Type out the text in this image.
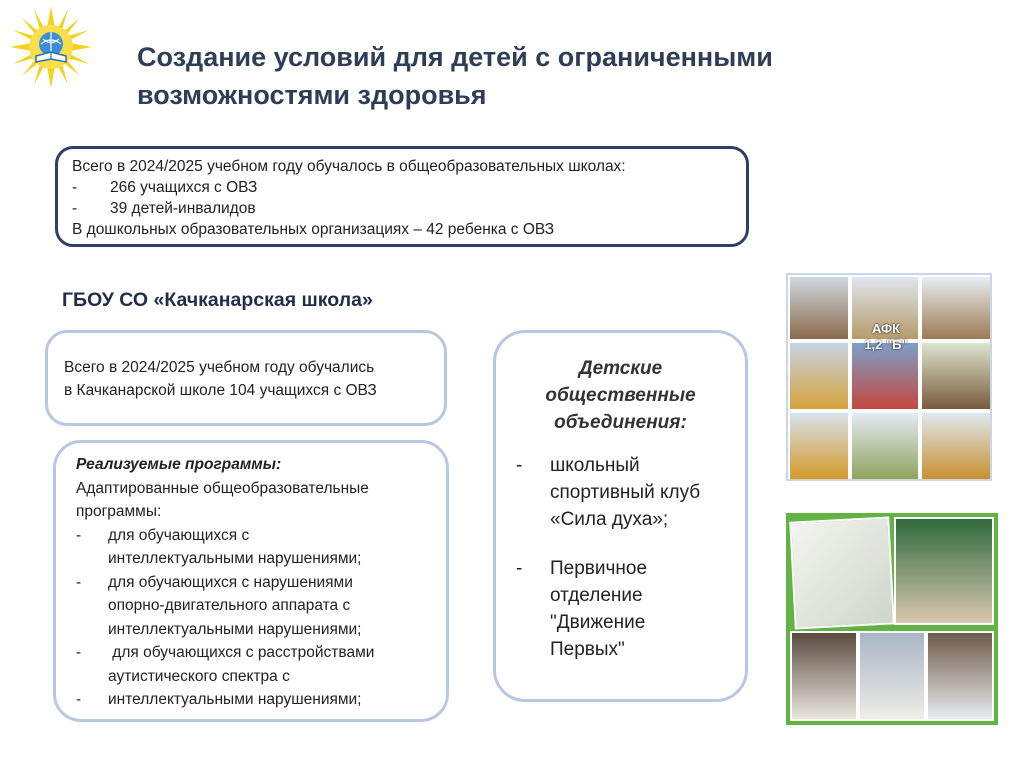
Создание условий для детей с ограниченными
возможностями здоровья
Всего в 2024/2025 учебном году обучалось в общеобразовательных школах:
-	266 учащихся с ОВЗ
-	39 детей-инвалидов
В дошкольных образовательных организациях – 42 ребенка с ОВЗ
ГБОУ СО «Качканарская школа»
Всего в 2024/2025 учебном году обучались
в Качканарской школе 104 учащихся с ОВЗ
Реализуемые программы:
Адаптированные общеобразовательные
программы:
-	для обучающихся с
интеллектуальными нарушениями;
-	для обучающихся с нарушениями
опорно-двигательного аппарата с
интеллектуальными нарушениями;
-	для обучающихся с расстройствами
аутистического спектра с
-	интеллектуальными нарушениями;
Детские
общественные
объединения:
-	школьный
спортивный клуб
«Сила духа»;
-	Первичное
отделение
"Движение
Первых"
АФК
1,2 "Б"
